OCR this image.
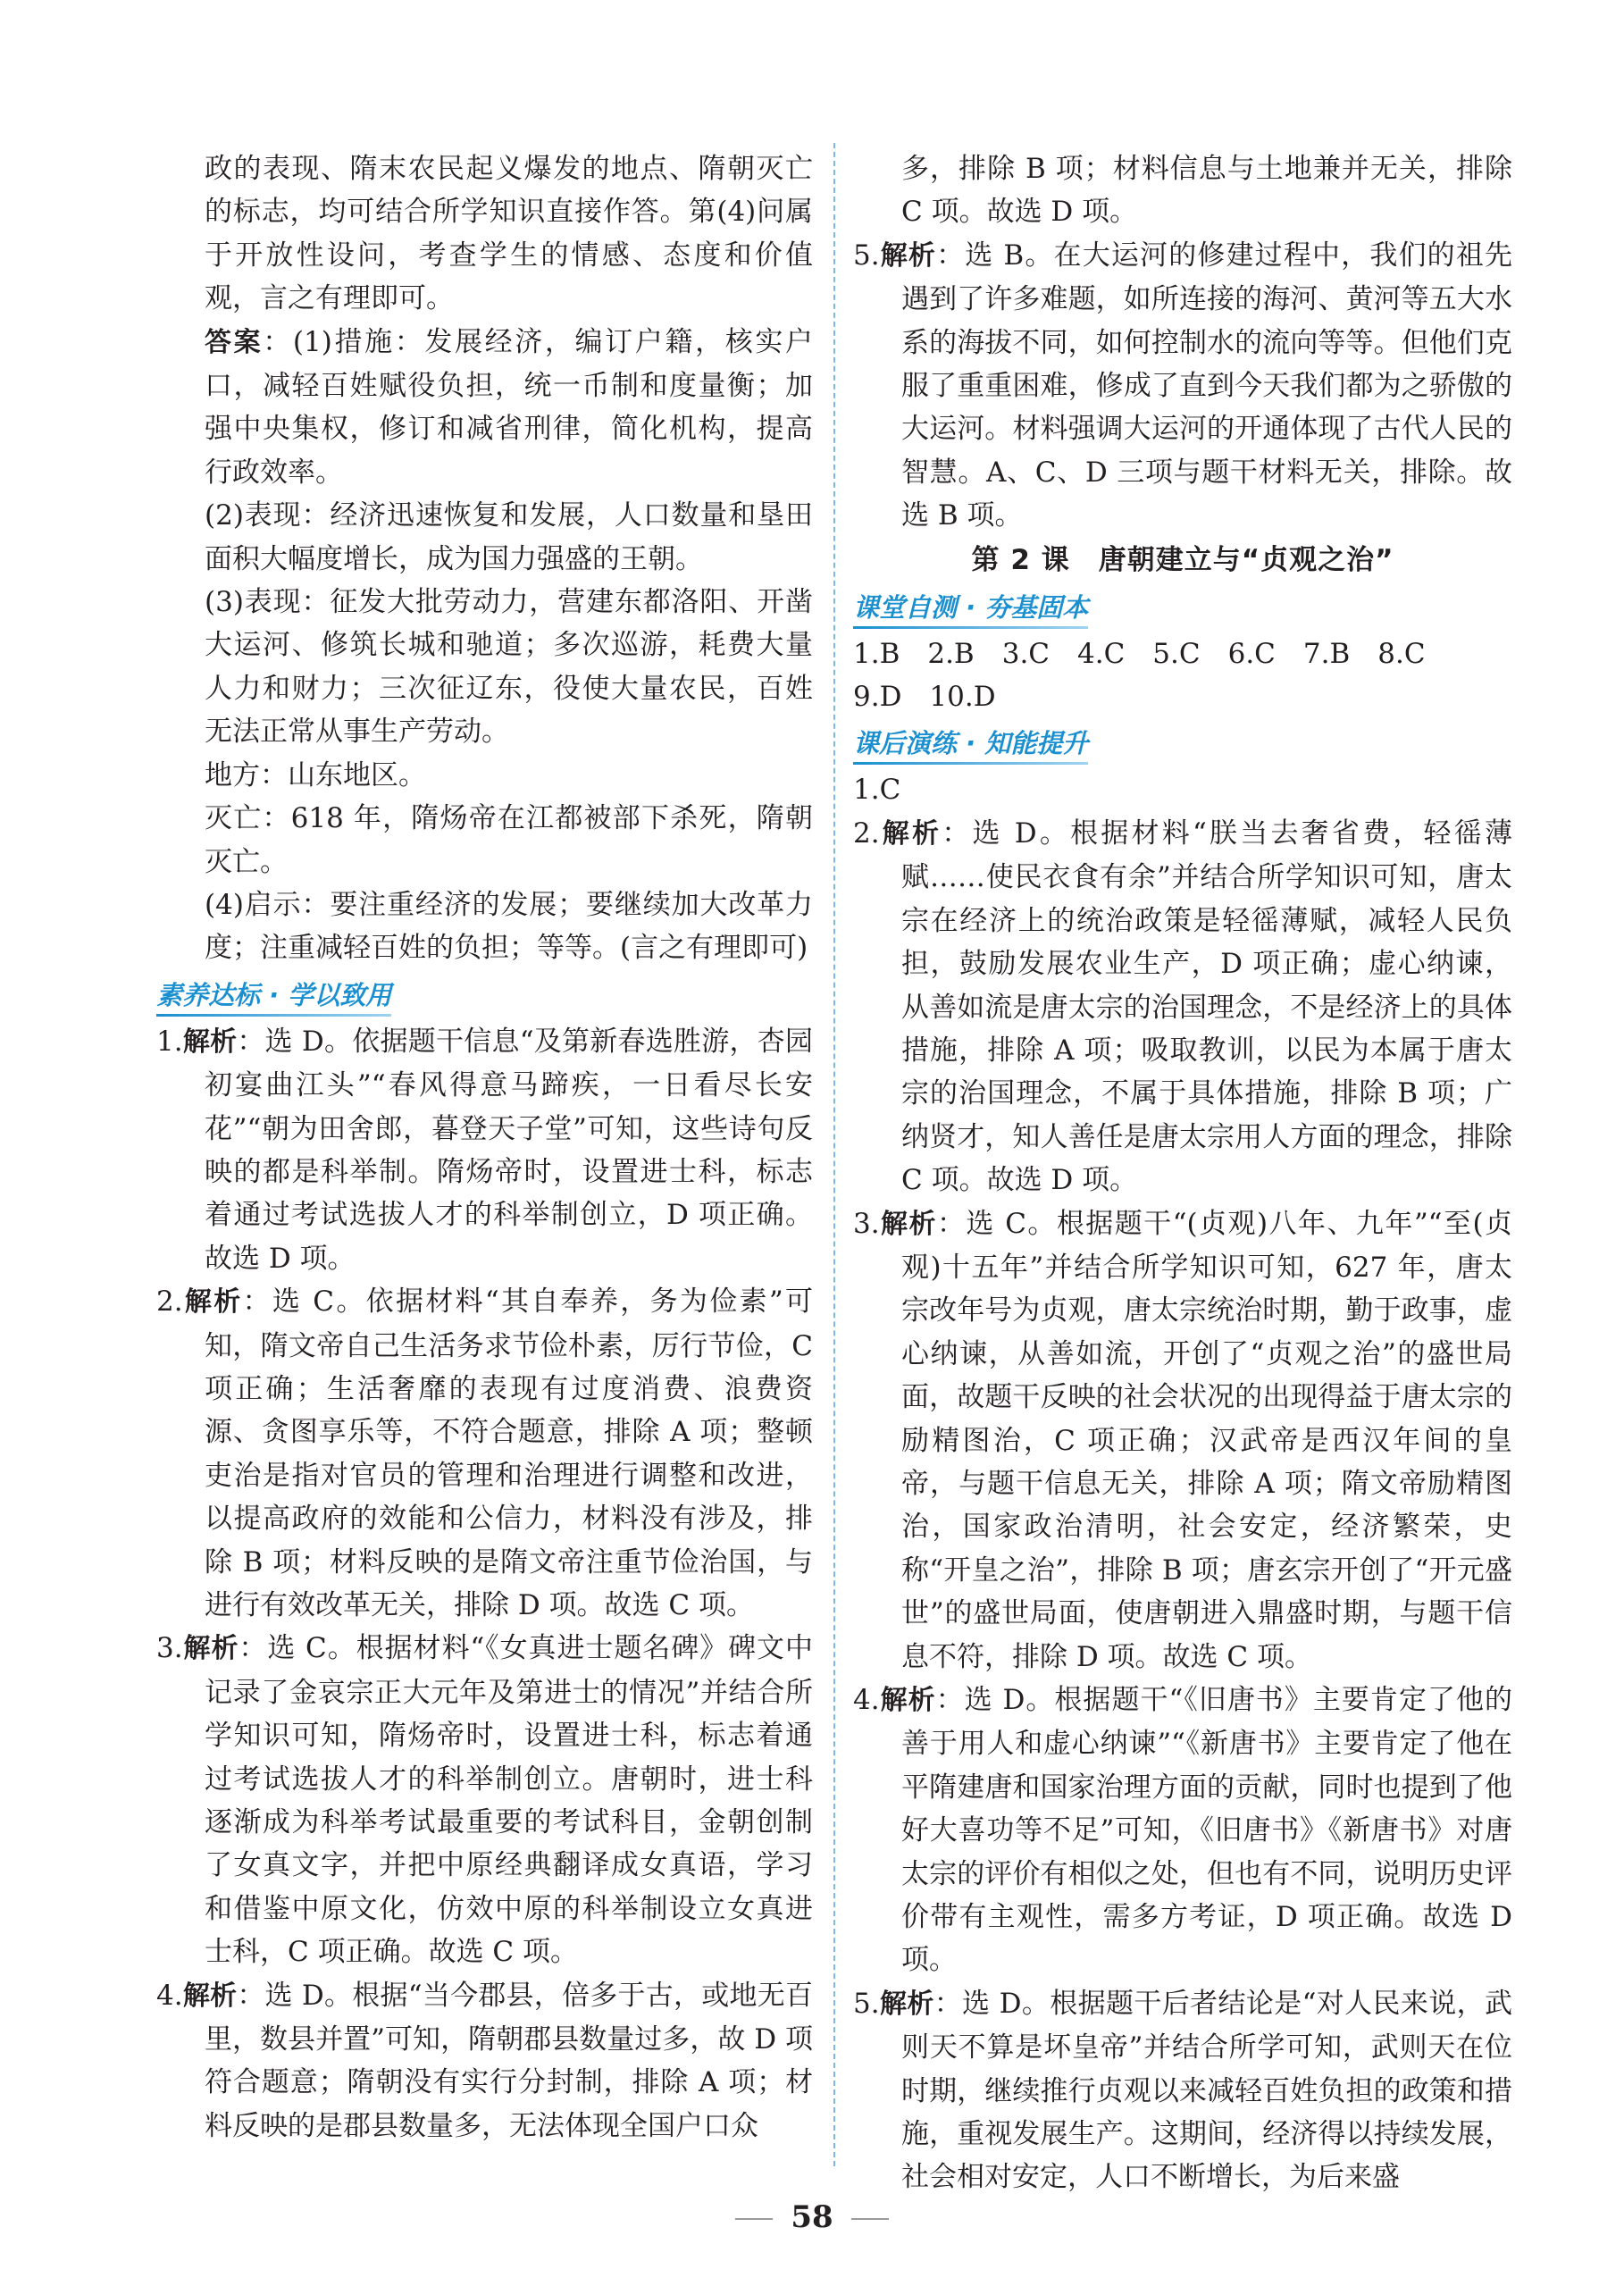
政的表现、隋末农民起义爆发的地点、隋朝灭亡的标志，均可结合所学知识直接作答。第(4)问属于开放性设问，考查学生的情感、态度和价值观，言之有理即可。

答案：(1)措施：发展经济，编订户籍，核实户口，减轻百姓赋役负担，统一币制和度量衡；加强中央集权，修订和减省刑律，简化机构，提高行政效率。

(2)表现：经济迅速恢复和发展，人口数量和垦田面积大幅度增长，成为国力强盛的王朝。

(3)表现：征发大批劳动力，营建东都洛阳、开凿大运河、修筑长城和驰道；多次巡游，耗费大量人力和财力；三次征辽东，役使大量农民，百姓无法正常从事生产劳动。

地方：山东地区。

灭亡：618 年，隋炀帝在江都被部下杀死，隋朝灭亡。

(4)启示：要注重经济的发展；要继续加大改革力度；注重减轻百姓的负担；等等。(言之有理即可)

素养达标 · 学以致用

1.解析：选 D。依据题干信息“及第新春选胜游，杏园初宴曲江头”“春风得意马蹄疾，一日看尽长安花”“朝为田舍郎，暮登天子堂”可知，这些诗句反映的都是科举制。隋炀帝时，设置进士科，标志着通过考试选拔人才的科举制创立，D 项正确。故选 D 项。

2.解析：选 C。依据材料“其自奉养，务为俭素”可知，隋文帝自己生活务求节俭朴素，厉行节俭，C 项正确；生活奢靡的表现有过度消费、浪费资源、贪图享乐等，不符合题意，排除 A 项；整顿吏治是指对官员的管理和治理进行调整和改进，以提高政府的效能和公信力，材料没有涉及，排除 B 项；材料反映的是隋文帝注重节俭治国，与进行有效改革无关，排除 D 项。故选 C 项。

3.解析：选 C。根据材料“《女真进士题名碑》碑文中记录了金哀宗正大元年及第进士的情况”并结合所学知识可知，隋炀帝时，设置进士科，标志着通过考试选拔人才的科举制创立。唐朝时，进士科逐渐成为科举考试最重要的考试科目，金朝创制了女真文字，并把中原经典翻译成女真语，学习和借鉴中原文化，仿效中原的科举制设立女真进士科，C 项正确。故选 C 项。

4.解析：选 D。根据“当今郡县，倍多于古，或地无百里，数县并置”可知，隋朝郡县数量过多，故 D 项符合题意；隋朝没有实行分封制，排除 A 项；材料反映的是郡县数量多，无法体现全国户口众

多，排除 B 项；材料信息与土地兼并无关，排除 C 项。故选 D 项。

5.解析：选 B。在大运河的修建过程中，我们的祖先遇到了许多难题，如所连接的海河、黄河等五大水系的海拔不同，如何控制水的流向等等。但他们克服了重重困难，修成了直到今天我们都为之骄傲的大运河。材料强调大运河的开通体现了古代人民的智慧。A、C、D 三项与题干材料无关，排除。故选 B 项。

第 2 课　唐朝建立与“贞观之治”
课堂自测 · 夯基固本

1.B　2.B　3.C　4.C　5.C　6.C　7.B　8.C

9.D　10.D

课后演练 · 知能提升

1.C

2.解析：选 D。根据材料“朕当去奢省费，轻徭薄赋……使民衣食有余”并结合所学知识可知，唐太宗在经济上的统治政策是轻徭薄赋，减轻人民负担，鼓励发展农业生产，D 项正确；虚心纳谏，从善如流是唐太宗的治国理念，不是经济上的具体措施，排除 A 项；吸取教训，以民为本属于唐太宗的治国理念，不属于具体措施，排除 B 项；广纳贤才，知人善任是唐太宗用人方面的理念，排除 C 项。故选 D 项。

3.解析：选 C。根据题干“(贞观)八年、九年”“至(贞观)十五年”并结合所学知识可知，627 年，唐太宗改年号为贞观，唐太宗统治时期，勤于政事，虚心纳谏，从善如流，开创了“贞观之治”的盛世局面，故题干反映的社会状况的出现得益于唐太宗的励精图治，C 项正确；汉武帝是西汉年间的皇帝，与题干信息无关，排除 A 项；隋文帝励精图治，国家政治清明，社会安定，经济繁荣，史称“开皇之治”，排除 B 项；唐玄宗开创了“开元盛世”的盛世局面，使唐朝进入鼎盛时期，与题干信息不符，排除 D 项。故选 C 项。

4.解析：选 D。根据题干“《旧唐书》主要肯定了他的善于用人和虚心纳谏”“《新唐书》主要肯定了他在平隋建唐和国家治理方面的贡献，同时也提到了他好大喜功等不足”可知，《旧唐书》《新唐书》对唐太宗的评价有相似之处，但也有不同，说明历史评价带有主观性，需多方考证，D 项正确。故选 D 项。

5.解析：选 D。根据题干后者结论是“对人民来说，武则天不算是坏皇帝”并结合所学可知，武则天在位时期，继续推行贞观以来减轻百姓负担的政策和措施，重视发展生产。这期间，经济得以持续发展，社会相对安定，人口不断增长，为后来盛

58
